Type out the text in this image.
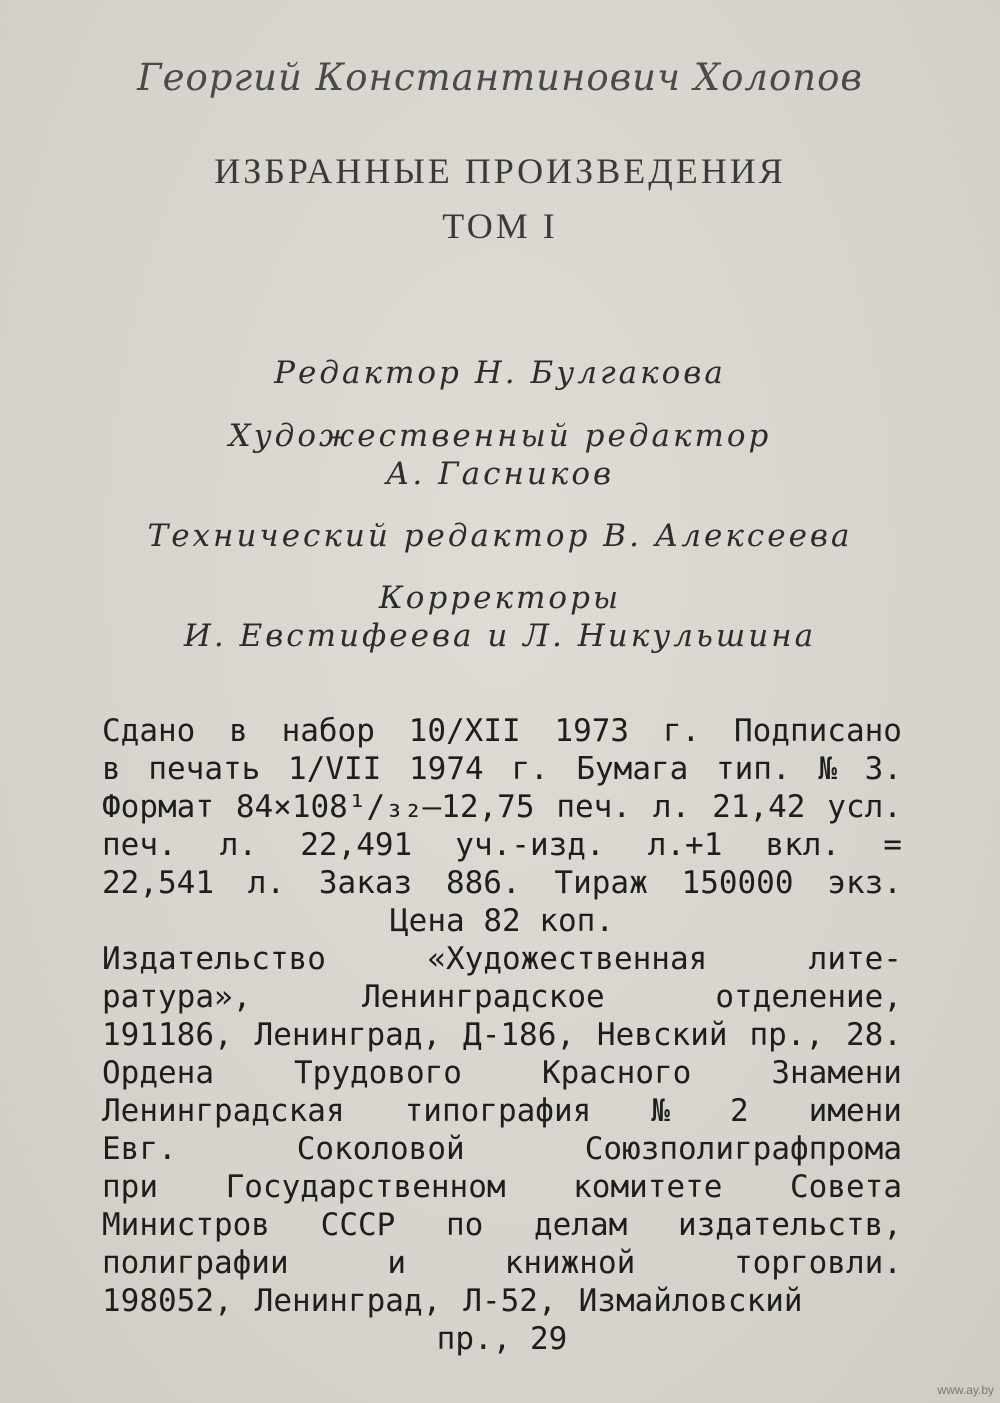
Георгий Константинович Холопов
ИЗБРАННЫЕ ПРОИЗВЕДЕНИЯ
ТОМ I
Редактор Н. Булгакова
Художественный редактор
А. Гасников
Технический редактор В. Алексеева
Корректоры
И. Евстифеева и Л. Никульшина
Сдано в набор 10/XII 1973 г. Подписано
в печать 1/VII 1974 г. Бумага тип. № 3.
Формат 84×108¹/₃₂—12,75 печ. л. 21,42 усл.
печ. л. 22,491 уч.-изд. л.+1 вкл. =
22,541 л. Заказ 886. Тираж 150000 экз.
Цена 82 коп.
Издательство	«Художественная	лите-
ратура»,	Ленинградское	отделение,
191186, Ленинград, Д-186, Невский пр., 28.
Ордена	Трудового	Красного	Знамени
Ленинградская типография № 2 имени
Евг.	Соколовой	Союзполиграфпрома
при Государственном комитете Совета
Министров СССР по делам издательств,
полиграфии	и	книжной	торговли.
198052, Ленинград, Л-52, Измайловский
пр., 29
www.ay.by
